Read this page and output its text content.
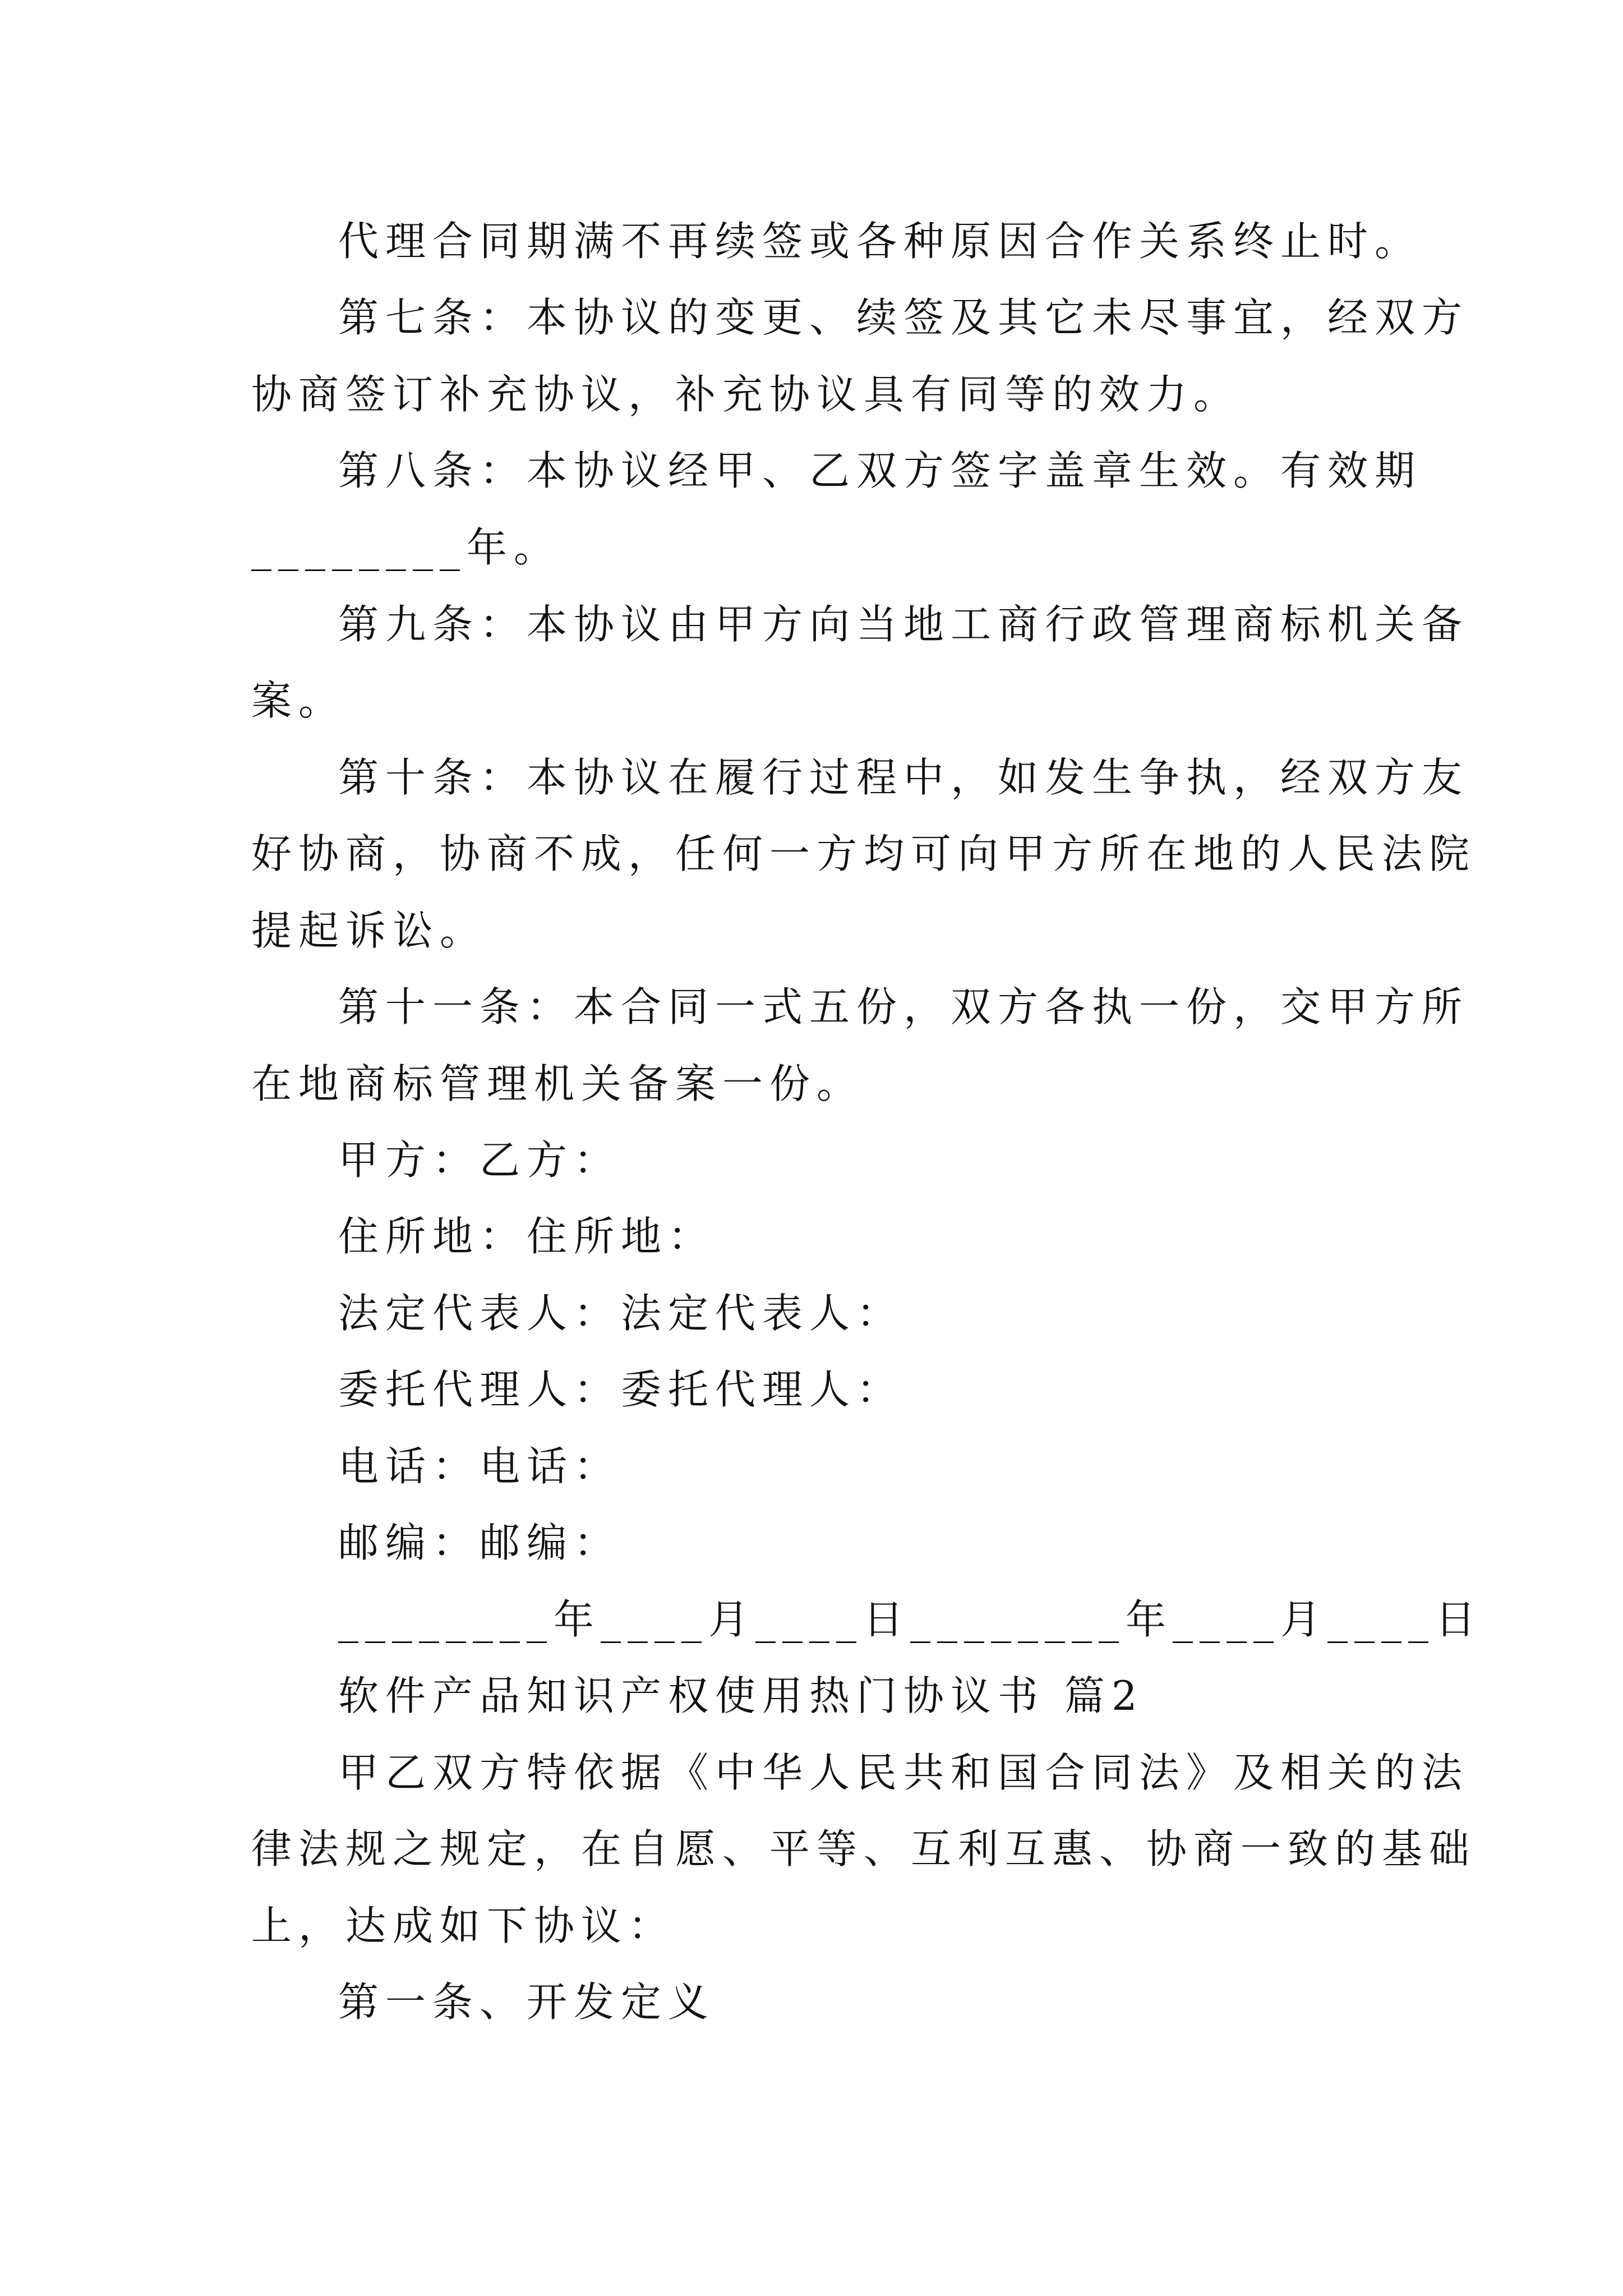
代理合同期满不再续签或各种原因合作关系终止时。
第七条：本协议的变更、续签及其它未尽事宜，经双方
协商签订补充协议，补充协议具有同等的效力。
第八条：本协议经甲、乙双方签字盖章生效。有效期
________年。
第九条：本协议由甲方向当地工商行政管理商标机关备
案。
第十条：本协议在履行过程中，如发生争执，经双方友
好协商，协商不成，任何一方均可向甲方所在地的人民法院
提起诉讼。
第十一条：本合同一式五份，双方各执一份，交甲方所
在地商标管理机关备案一份。
甲方：乙方：
住所地：住所地：
法定代表人：法定代表人：
委托代理人：委托代理人：
电话：电话：
邮编：邮编：
________年____月____日________年____月____日
软件产品知识产权使用热门协议书 篇2
甲乙双方特依据《中华人民共和国合同法》及相关的法
律法规之规定，在自愿、平等、互利互惠、协商一致的基础
上，达成如下协议：
第一条、开发定义
